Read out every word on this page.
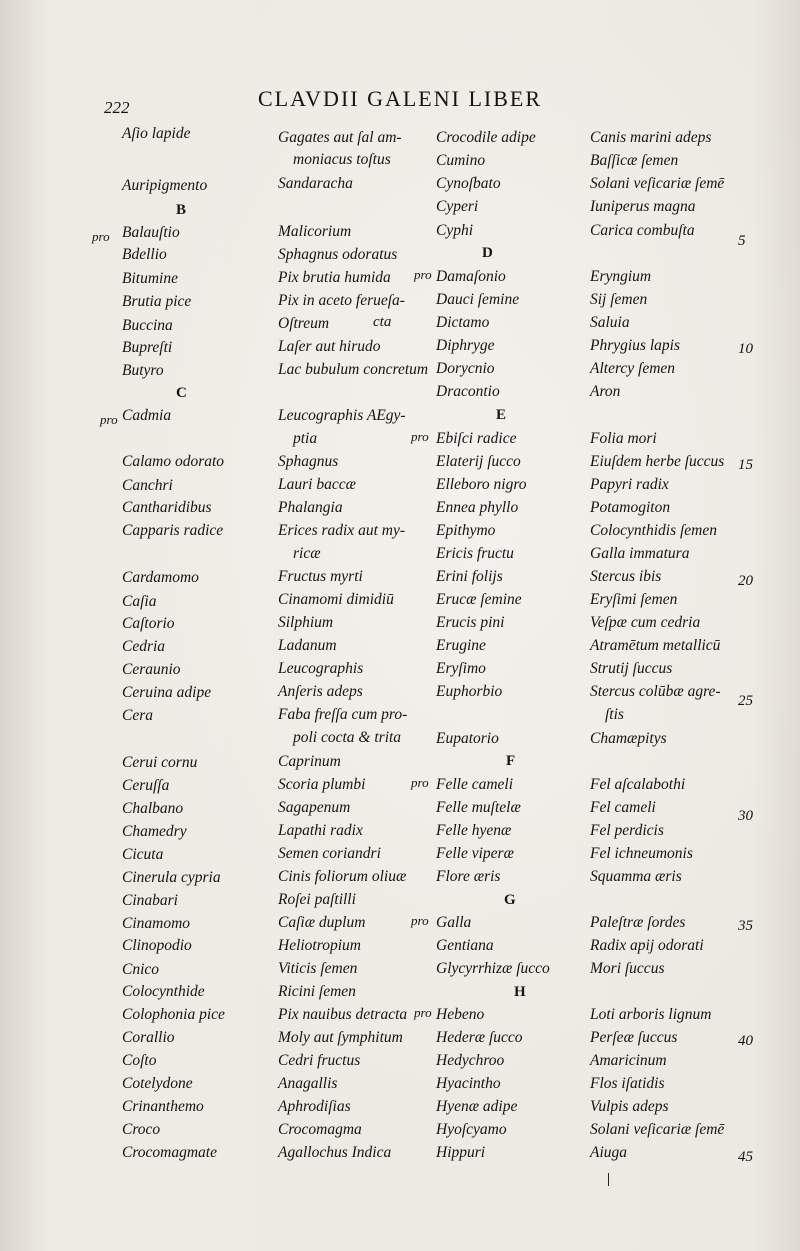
222	CLAVDII GALENI LIBER
Aſio lapide
Auripigmento
B
Balauſtio
Bdellio
Bitumine
Brutia pice
Buccina
Bupreſti
Butyro
C
Cadmia
Calamo odorato
Canchri
Cantharidibus
Capparis radice
Cardamomo
Caſia
Caſtorio
Cedria
Ceraunio
Ceruina adipe
Cera
Cerui cornu
Cеruſſa
Chalbano
Chamedry
Cicuta
Cinerula cypria
Cinabari
Cinamomo
Clinopodio
Cnico
Colocynthide
Colophonia pice
Corallio
Coſto
Cotelydone
Crinanthemo
Croco
Crocomagmate
Gagates aut ſal am-
moniacus toſtus
Sandaracha
Malicorium
Sphagnus odoratus
Pix brutia humida
Pix in aceto ferueſa-
Oſtreum
Laſer aut hirudo
Lac bubulum concretum
Leucographis AEgy-
ptia
Sphagnus
Lauri baccæ
Phalangia
Erices radix aut my-
ricæ
Fructus myrti
Cinamomi dimidiū
Silphium
Ladanum
Leucographis
Anſeris adeps
Faba freſſa cum pro-
poli cocta & trita
Caprinum
Scoria plumbi
Sagapenum
Lapathi radix
Semen coriandri
Cinis foliorum oliuæ
Roſei paſtilli
Caſiæ duplum
Heliotropium
Viticis ſemen
Ricini ſemen
Pix nauibus detracta
Moly aut ſymphitum
Cedri fructus
Anagallis
Aphrodiſias
Crocomagma
Agallochus Indica
Crocodile adipe
Cumino
Cynoſbato
Cyperi
Cyphi
D
Damaſonio
Dauci ſemine
Dictamo
Diphryge
Dorycnio
Dracontio
E
Ebiſci radice
Elaterij ſucco
Elleboro nigro
Ennea phyllo
Epithymo
Ericis fructu
Erini folijs
Erucæ ſemine
Erucis pini
Erugine
Eryſimo
Euphorbio
Eupatorio
F
Felle cameli
Felle muſtelæ
Felle hyenæ
Felle viperæ
Flore æris
G
Galla
Gentiana
Glycyrrhizæ ſucco
H
Hebeno
Hederæ ſucco
Hedychroo
Hyacintho
Hyenæ adipe
Hyoſcyamo
Hippuri
Canis marini adeps
Baſſicæ ſemen
Solani veſicariæ ſemē
Iuniperus magna
Carica combuſta
Eryngium
Sij ſemen
Saluia
Phrygius lapis
Altercy ſemen
Aron
Folia mori
Eiuſdem herbe ſuccus
Papyri radix
Potamogiton
Colocynthidis ſemen
Galla immatura
Stercus ibis
Eryſimi ſemen
Veſpæ cum cedria
Atramētum metallicū
Strutij ſuccus
Stercus colūbæ agre-
ſtis
Chamæpitys
Fel aſcalabothi
Fel cameli
Fel perdicis
Fel ichneumonis
Squamma æris
Paleſtræ ſordes
Radix apij odorati
Mori ſuccus
Loti arboris lignum
Perſeæ ſuccus
Amaricinum
Flos iſatidis
Vulpis adeps
Solani veſicariæ ſemē
Aiuga
pro
pro
pro
pro
pro
pro
pro
cta
5
10
15
20
25
30
35
40
45
